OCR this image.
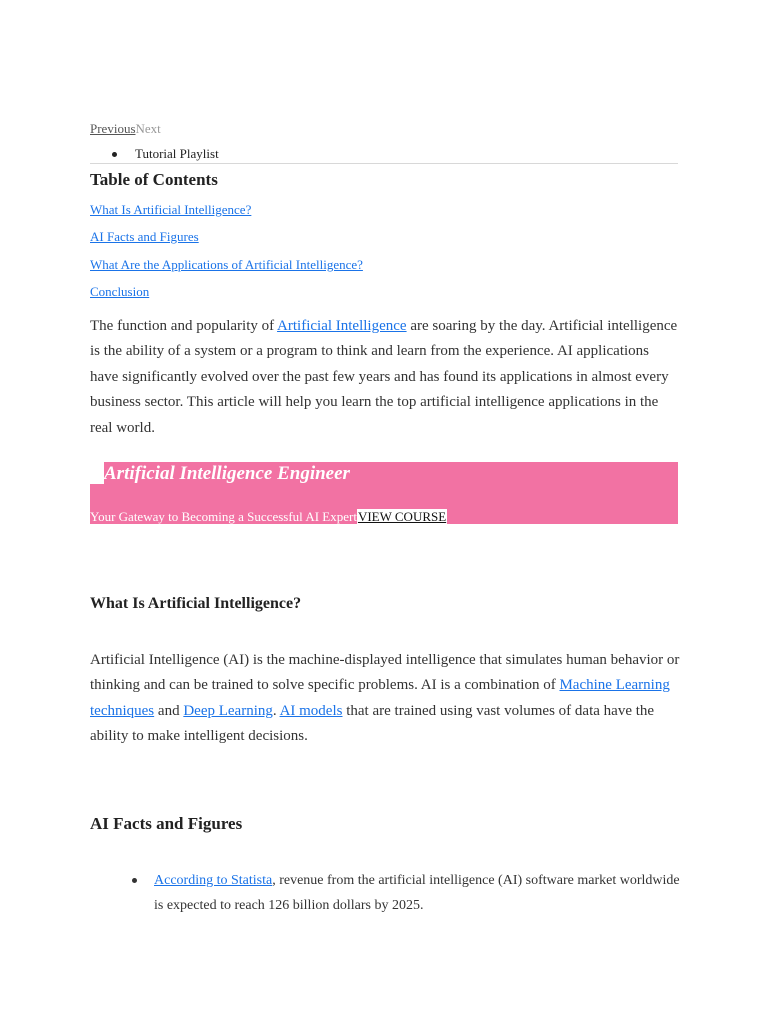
PreviousNext
Tutorial Playlist
Table of Contents
What Is Artificial Intelligence?
AI Facts and Figures
What Are the Applications of Artificial Intelligence?
Conclusion
The function and popularity of Artificial Intelligence are soaring by the day. Artificial intelligence is the ability of a system or a program to think and learn from the experience. AI applications have significantly evolved over the past few years and has found its applications in almost every business sector. This article will help you learn the top artificial intelligence applications in the real world.
Artificial Intelligence Engineer
Your Gateway to Becoming a Successful AI ExpertVIEW COURSE
What Is Artificial Intelligence?
Artificial Intelligence (AI) is the machine-displayed intelligence that simulates human behavior or thinking and can be trained to solve specific problems. AI is a combination of Machine Learning techniques and Deep Learning. AI models that are trained using vast volumes of data have the ability to make intelligent decisions.
AI Facts and Figures
According to Statista, revenue from the artificial intelligence (AI) software market worldwide is expected to reach 126 billion dollars by 2025.
